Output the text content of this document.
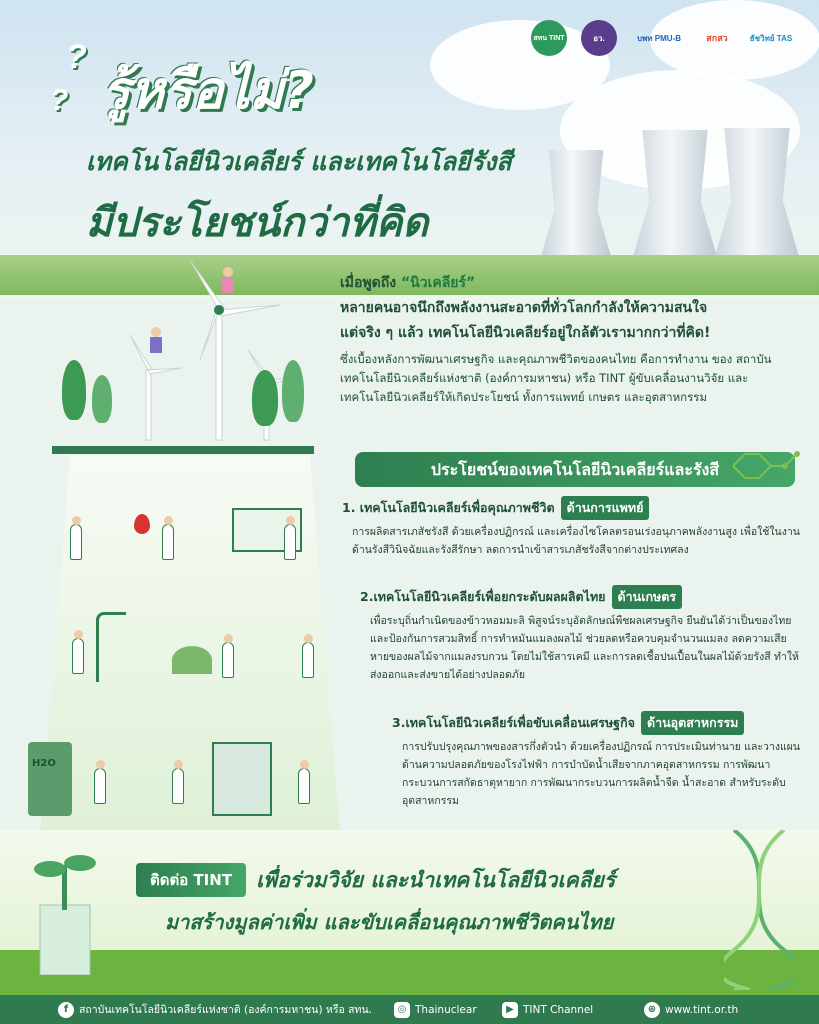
สทน TINT	อว.	บพท PMU-B	สกสว	ธัชวิทย์ TAS
?
? รู้หรือไม่?
เทคโนโลยีนิวเคลียร์ และเทคโนโลยีรังสี
มีประโยชน์กว่าที่คิด
เมื่อพูดถึง “นิวเคลียร์”
หลายคนอาจนึกถึงพลังงานสะอาดที่ทั่วโลกกำลังให้ความสนใจ
แต่จริง ๆ แล้ว เทคโนโลยีนิวเคลียร์อยู่ใกล้ตัวเรามากกว่าที่คิด!
ซึ่งเบื้องหลังการพัฒนาเศรษฐกิจ และคุณภาพชีวิตของคนไทย คือการทำงาน ของ สถาบันเทคโนโลยีนิวเคลียร์แห่งชาติ (องค์การมหาชน) หรือ TINT ผู้ขับเคลื่อนงานวิจัย และเทคโนโลยีนิวเคลียร์ให้เกิดประโยชน์ ทั้งการแพทย์ เกษตร และอุตสาหกรรม
H2O
ประโยชน์ของเทคโนโลยีนิวเคลียร์และรังสี
1. เทคโนโลยีนิวเคลียร์เพื่อคุณภาพชีวิต ด้านการแพทย์
การผลิตสารเภสัชรังสี ด้วยเครื่องปฏิกรณ์ และเครื่องไซโคลตรอนเร่งอนุภาคพลังงานสูง เพื่อใช้ในงานด้านรังสีวินิจฉัยและรังสีรักษา ลดการนำเข้าสารเภสัชรังสีจากต่างประเทศลง
2.เทคโนโลยีนิวเคลียร์เพื่อยกระดับผลผลิตไทย ด้านเกษตร
เพื่อระบุถิ่นกำเนิดของข้าวหอมมะลิ พิสูจน์ระบุอัตลักษณ์พืชผลเศรษฐกิจ ยืนยันได้ว่าเป็นของไทยและป้องกันการสวมสิทธิ์ การทำหมันแมลงผลไม้ ช่วยลดหรือควบคุมจำนวนแมลง ลดความเสียหายของผลไม้จากแมลงรบกวน โดยไม่ใช้สารเคมี และการลดเชื้อปนเปื้อนในผลไม้ด้วยรังสี ทำให้ส่งออกและส่งขายได้อย่างปลอดภัย
3.เทคโนโลยีนิวเคลียร์เพื่อขับเคลื่อนเศรษฐกิจ ด้านอุตสาหกรรม
การปรับปรุงคุณภาพของสารกึ่งตัวนำ ด้วยเครื่องปฏิกรณ์ การประเมินท่านาย และวางแผนด้านความปลอดภัยของโรงไฟฟ้า การบำบัดน้ำเสียจากภาคอุตสาหกรรม การพัฒนากระบวนการสกัดธาตุหายาก การพัฒนากระบวนการผลิตน้ำจืด น้ำสะอาด สำหรับระดับอุตสาหกรรม
ติดต่อ TINT	เพื่อร่วมวิจัย และนำเทคโนโลยีนิวเคลียร์
มาสร้างมูลค่าเพิ่ม และขับเคลื่อนคุณภาพชีวิตคนไทย
f	สถาบันเทคโนโลยีนิวเคลียร์แห่งชาติ (องค์การมหาชน) หรือ สทน.	◎ Thainuclear	▶ TINT Channel	⊕ www.tint.or.th
